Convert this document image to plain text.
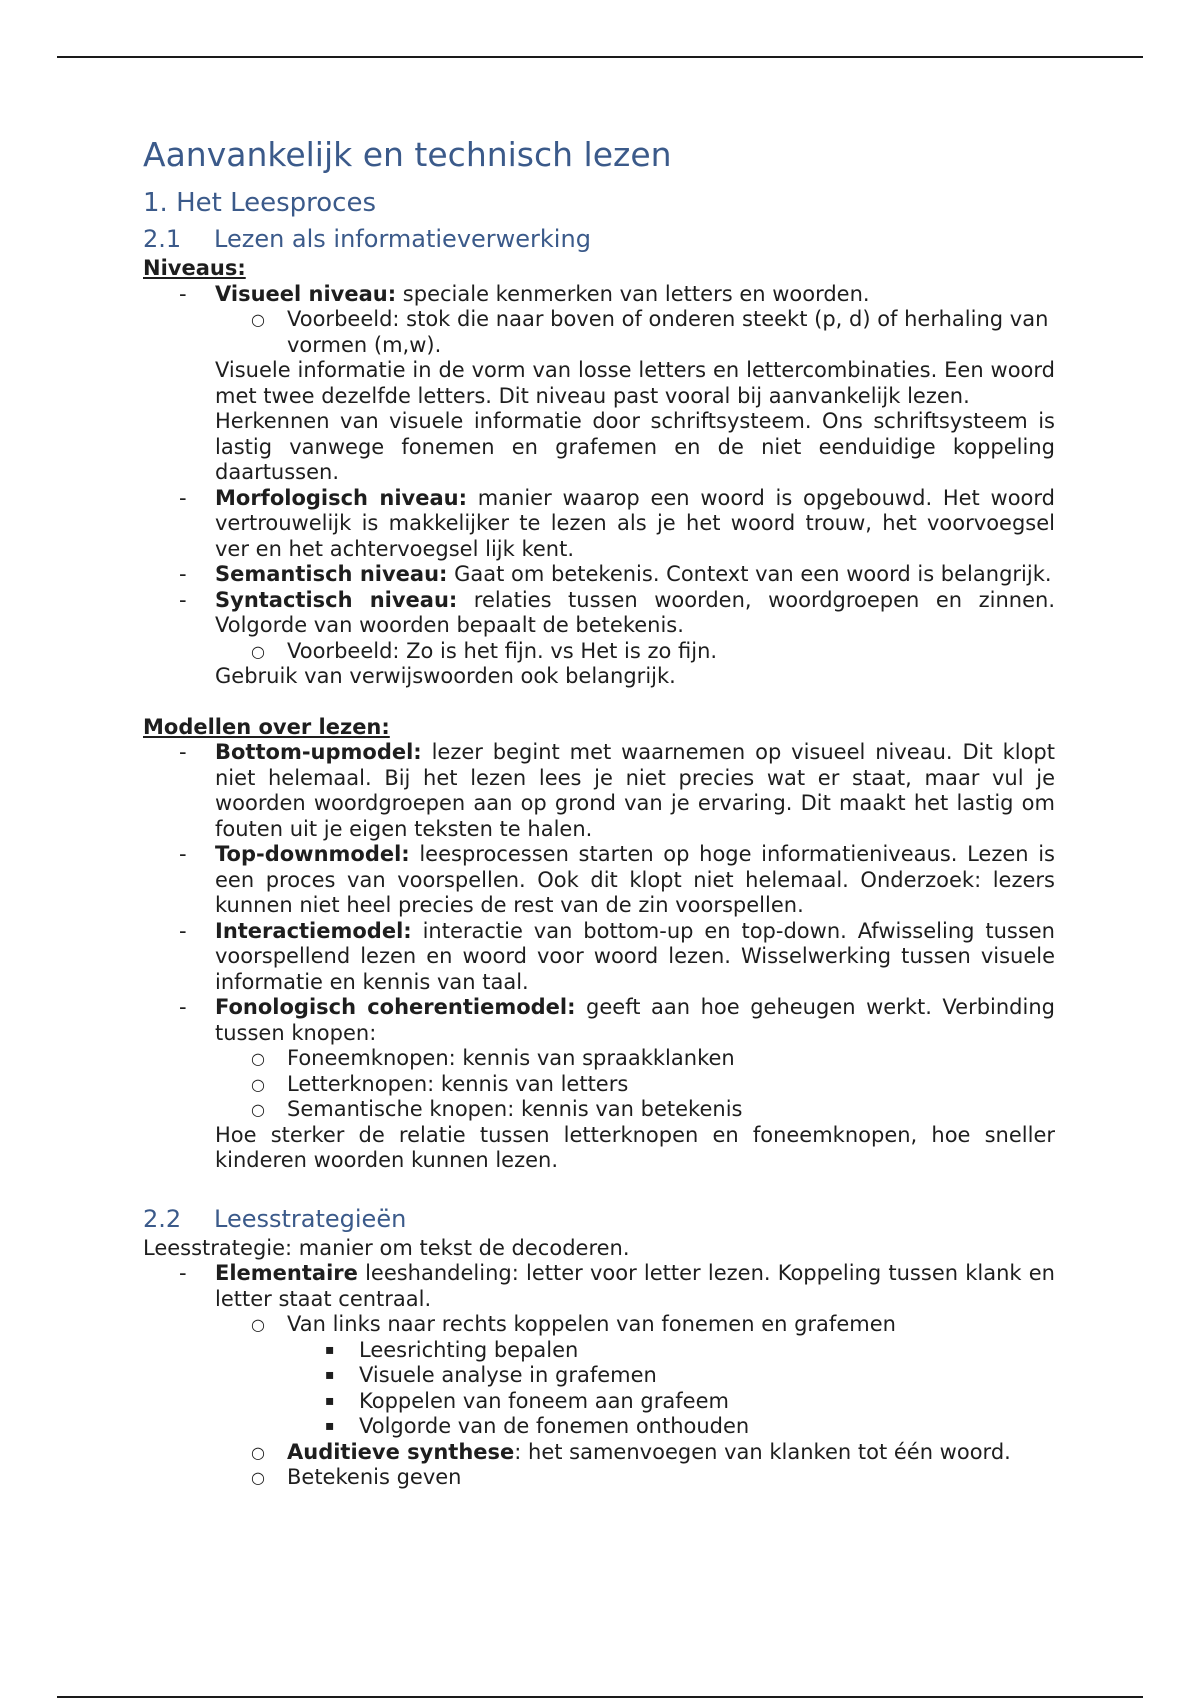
Aanvankelijk en technisch lezen
1. Het Leesproces
2.1 Lezen als informatieverwerking
Niveaus:
- Visueel niveau: speciale kenmerken van letters en woorden.
○ Voorbeeld: stok die naar boven of onderen steekt (p, d) of herhaling van vormen (m,w).
Visuele informatie in de vorm van losse letters en lettercombinaties. Een woord met twee dezelfde letters. Dit niveau past vooral bij aanvankelijk lezen.
Herkennen van visuele informatie door schriftsysteem. Ons schriftsysteem is lastig vanwege fonemen en grafemen en de niet eenduidige koppeling daartussen.
- Morfologisch niveau: manier waarop een woord is opgebouwd. Het woord vertrouwelijk is makkelijker te lezen als je het woord trouw, het voorvoegsel ver en het achtervoegsel lijk kent.
- Semantisch niveau: Gaat om betekenis. Context van een woord is belangrijk.
- Syntactisch niveau: relaties tussen woorden, woordgroepen en zinnen. Volgorde van woorden bepaalt de betekenis.
○ Voorbeeld: Zo is het fijn. vs Het is zo fijn.
Gebruik van verwijswoorden ook belangrijk.
Modellen over lezen:
- Bottom-upmodel: lezer begint met waarnemen op visueel niveau. Dit klopt niet helemaal. Bij het lezen lees je niet precies wat er staat, maar vul je woorden woordgroepen aan op grond van je ervaring. Dit maakt het lastig om fouten uit je eigen teksten te halen.
- Top-downmodel: leesprocessen starten op hoge informatieniveaus. Lezen is een proces van voorspellen. Ook dit klopt niet helemaal. Onderzoek: lezers kunnen niet heel precies de rest van de zin voorspellen.
- Interactiemodel: interactie van bottom-up en top-down. Afwisseling tussen voorspellend lezen en woord voor woord lezen. Wisselwerking tussen visuele informatie en kennis van taal.
- Fonologisch coherentiemodel: geeft aan hoe geheugen werkt. Verbinding tussen knopen:
○ Foneemknopen: kennis van spraakklanken
○ Letterknopen: kennis van letters
○ Semantische knopen: kennis van betekenis
Hoe sterker de relatie tussen letterknopen en foneemknopen, hoe sneller kinderen woorden kunnen lezen.
2.2 Leesstrategieën
Leesstrategie: manier om tekst de decoderen.
- Elementaire leeshandeling: letter voor letter lezen. Koppeling tussen klank en letter staat centraal.
○ Van links naar rechts koppelen van fonemen en grafemen
▪ Leesrichting bepalen
▪ Visuele analyse in grafemen
▪ Koppelen van foneem aan grafeem
▪ Volgorde van de fonemen onthouden
○ Auditieve synthese: het samenvoegen van klanken tot één woord.
○ Betekenis geven
